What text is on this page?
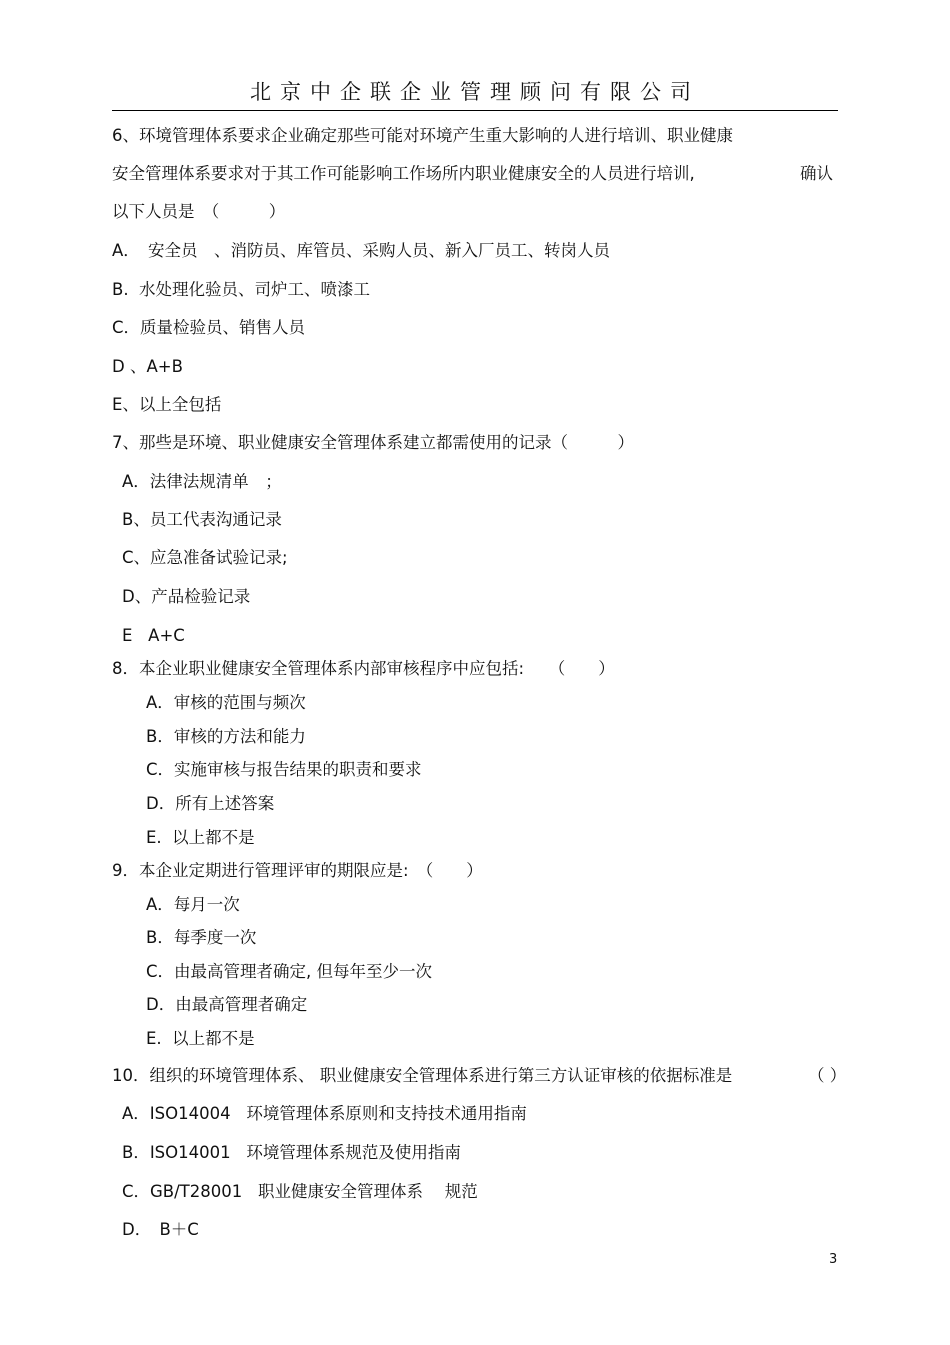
北京中企联企业管理顾问有限公司
6、环境管理体系要求企业确定那些可能对环境产生重大影响的人进行培训、职业健康
安全管理体系要求对于其工作可能影响工作场所内职业健康安全的人员进行培训,	确认
以下人员是　（　　　）
A．　安全员　、消防员、库管员、采购人员、新入厂员工、转岗人员
B.  水处理化验员、司炉工、喷漆工
C．质量检验员、销售人员
D 、A+B
E、以上全包括
7、那些是环境、职业健康安全管理体系建立都需使用的记录（　　　）
A．法律法规清单　；
B、员工代表沟通记录
C、应急准备试验记录;
D、产品检验记录
E   A+C
8．本企业职业健康安全管理体系内部审核程序中应包括:　　（　　）
A．审核的范围与频次
B．审核的方法和能力
C．实施审核与报告结果的职责和要求
D．所有上述答案
E.  以上都不是
9．本企业定期进行管理评审的期限应是:　（　　）
A．每月一次
B．每季度一次
C．由最高管理者确定, 但每年至少一次
D．由最高管理者确定
E.  以上都不是
10．组织的环境管理体系、 职业健康安全管理体系进行第三方认证审核的依据标准是	（ ）
A．ISO14004   环境管理体系原则和支持技术通用指南
B．ISO14001   环境管理体系规范及使用指南
C．GB/T28001   职业健康安全管理体系　 规范
D．　B＋C
3
